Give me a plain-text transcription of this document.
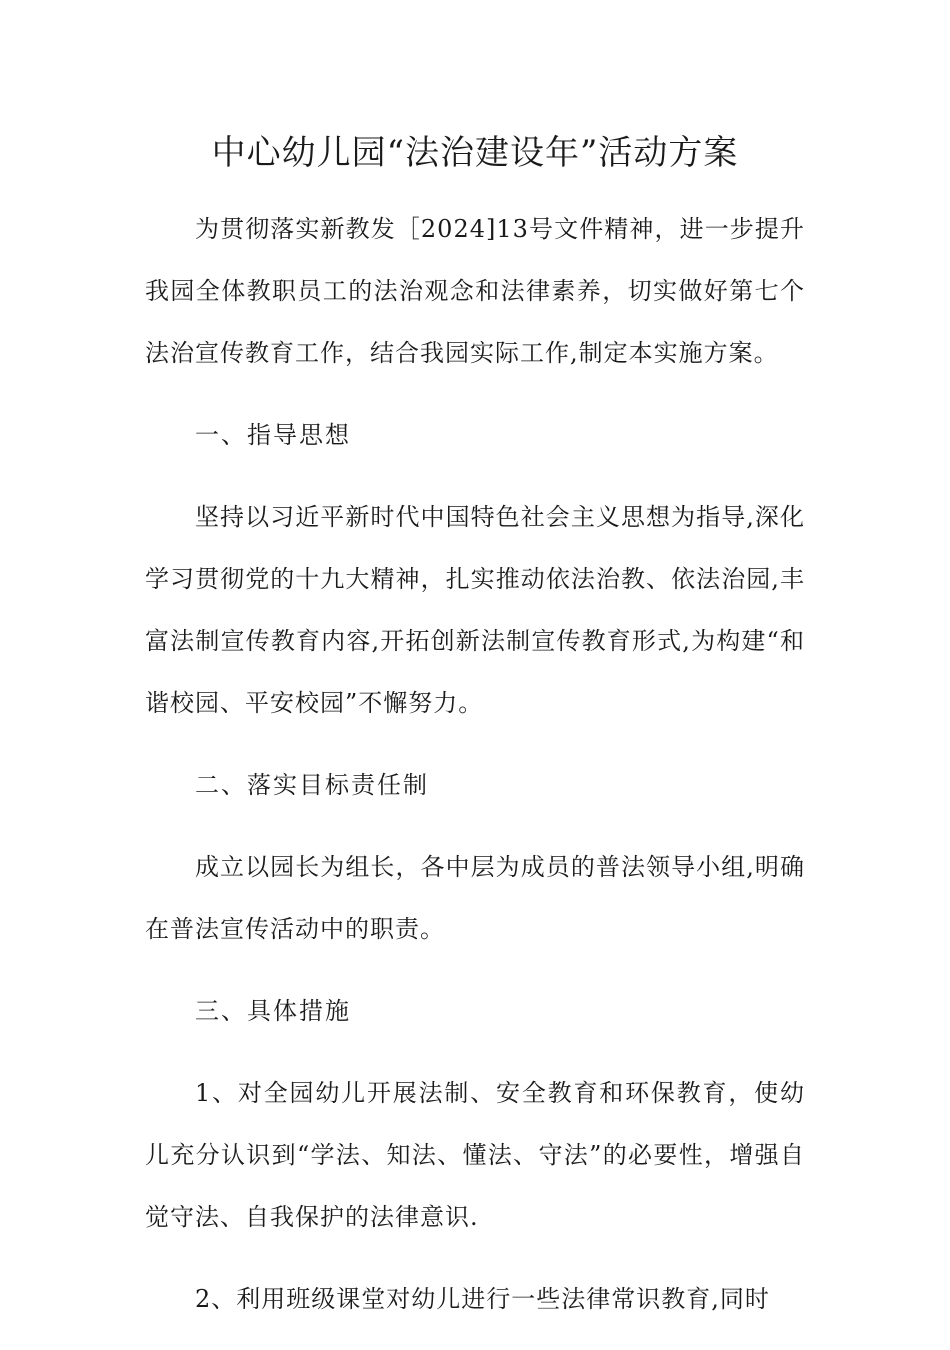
中心幼儿园“法治建设年”活动方案

为贯彻落实新教发［2024]13号文件精神，进一步提升我园全体教职员工的法治观念和法律素养，切实做好第七个法治宣传教育工作，结合我园实际工作,制定本实施方案。

一、指导思想

坚持以习近平新时代中国特色社会主义思想为指导,深化学习贯彻党的十九大精神，扎实推动依法治教、依法治园,丰富法制宣传教育内容,开拓创新法制宣传教育形式,为构建“和谐校园、平安校园”不懈努力。

二、落实目标责任制

成立以园长为组长，各中层为成员的普法领导小组,明确在普法宣传活动中的职责。

三、具体措施

1、对全园幼儿开展法制、安全教育和环保教育，使幼儿充分认识到“学法、知法、懂法、守法”的必要性，增强自觉守法、自我保护的法律意识.

2、利用班级课堂对幼儿进行一些法律常识教育,同时
